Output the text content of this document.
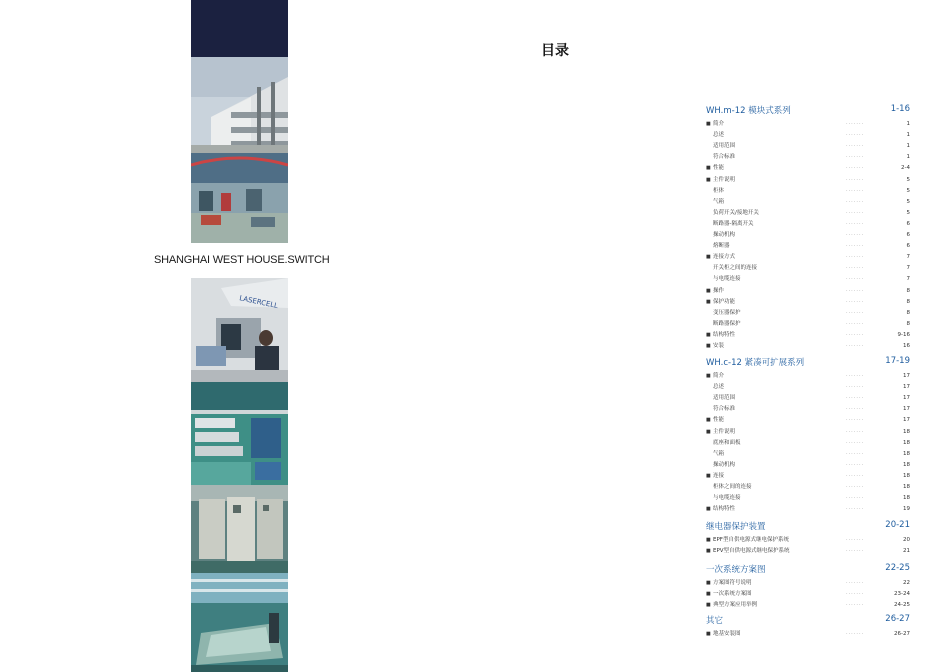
LASERCELL
SHANGHAI WEST HOUSE.SWITCH
目录
WH.m-12 模块式系列	1-16
■ 简介	·······	1
总述	·······	1
适用范围	·······	1
符合标准	·······	1
■ 性能	·······	2-4
■ 主件说明	·······	5
柜体	·······	5
气箱	·······	5
负荷开关/接地开关	·······	5
断路器-隔离开关	·······	6
操动机构	·······	6
熔断器	·······	6
■ 连接方式	·······	7
开关柜之间的连接	·······	7
与电缆连接	·······	7
■ 操作	·······	8
■ 保护功能	·······	8
变压器保护	·······	8
断路器保护	·······	8
■ 结构特性	·······	9-16
■ 安装	·······	16
WH.c-12 紧凑可扩展系列	17-19
■ 简介	·······	17
总述	·······	17
适用范围	·······	17
符合标准	·······	17
■ 性能	·······	17
■ 主件说明	·······	18
底座和面板	·······	18
气箱	·······	18
操动机构	·······	18
■ 连接	·······	18
柜体之间的连接	·······	18
与电缆连接	·······	18
■ 结构特性	·······	19
继电器保护装置	20-21
■ EPF型自供电源式继电保护系统	·······	20
■ EPV型自供电源式继电保护系统	·······	21
一次系统方案图	22-25
■ 方案图符号说明	·······	22
■ 一次系统方案图	·······	23-24
■ 典型方案应用举例	·······	24-25
其它	26-27
■ 地基安装图	·······	26-27
